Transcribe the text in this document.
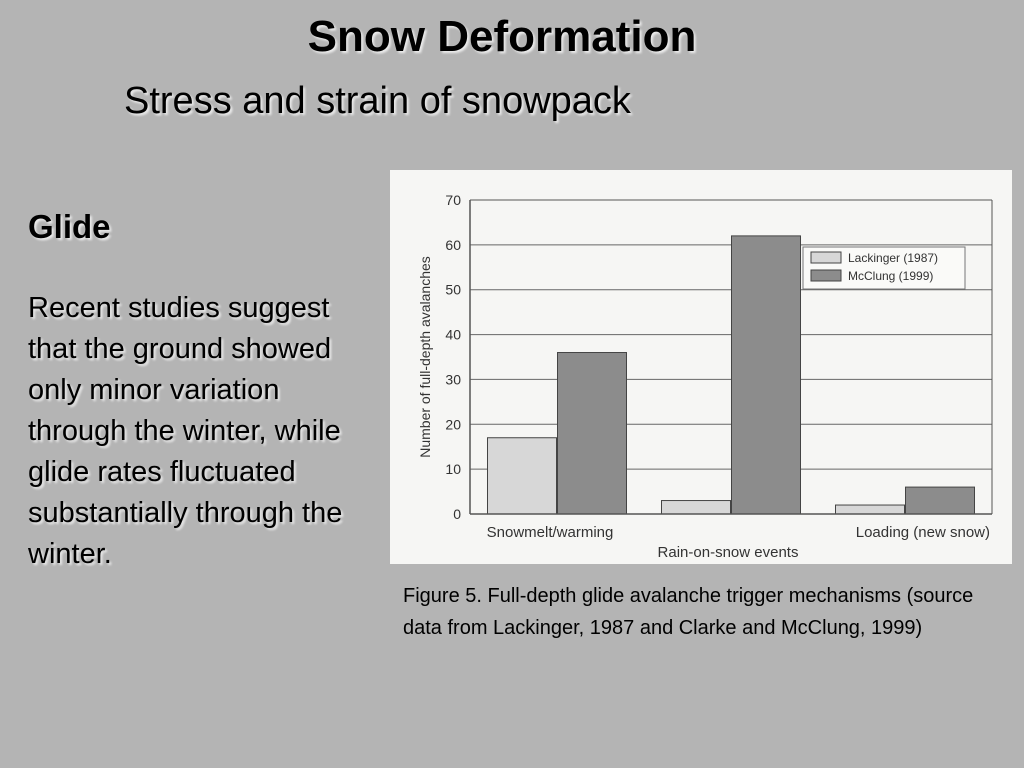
Snow Deformation
Stress and strain of snowpack
Glide

Recent studies suggest that the ground showed only minor variation through the winter, while glide rates fluctuated substantially through the winter.

0
10
20
30
40
50
60
70
Snowmelt/warming
Rain-on-snow events
Loading (new snow)
Number of full-depth avalanches	Lackinger (1987)
McClung (1999)

Figure 5. Full-depth glide avalanche trigger mechanisms (source data from Lackinger, 1987 and Clarke and McClung, 1999)
